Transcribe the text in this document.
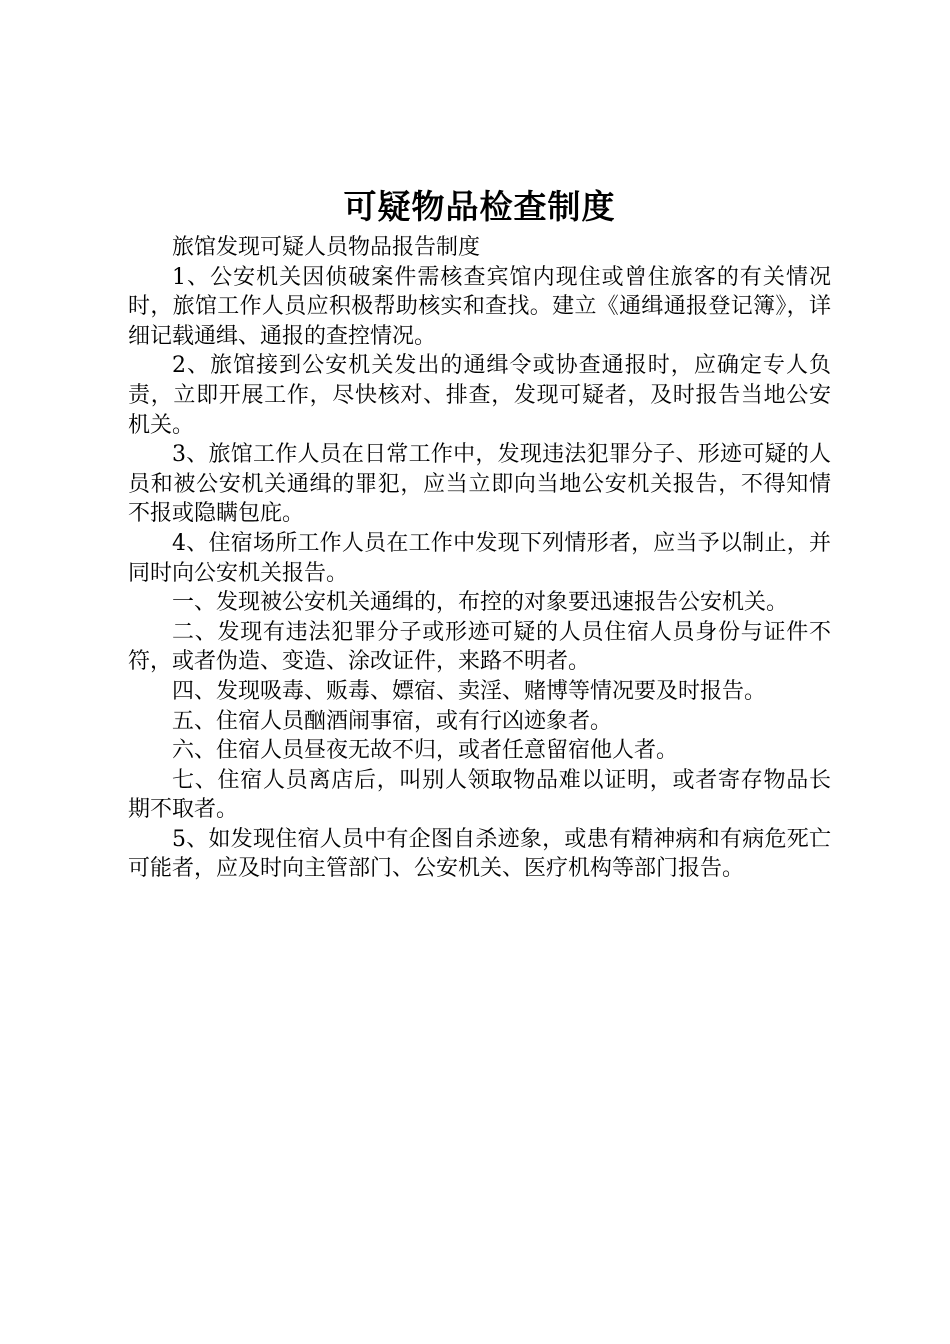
可疑物品检查制度

旅馆发现可疑人员物品报告制度

1、公安机关因侦破案件需核查宾馆内现住或曾住旅客的有关情况时，旅馆工作人员应积极帮助核实和查找。建立《通缉通报登记簿》，详细记载通缉、通报的查控情况。

2、旅馆接到公安机关发出的通缉令或协查通报时，应确定专人负责，立即开展工作，尽快核对、排查，发现可疑者，及时报告当地公安机关。

3、旅馆工作人员在日常工作中，发现违法犯罪分子、形迹可疑的人员和被公安机关通缉的罪犯，应当立即向当地公安机关报告，不得知情不报或隐瞒包庇。

4、住宿场所工作人员在工作中发现下列情形者，应当予以制止，并同时向公安机关报告。

一、发现被公安机关通缉的，布控的对象要迅速报告公安机关。

二、发现有违法犯罪分子或形迹可疑的人员住宿人员身份与证件不符，或者伪造、变造、涂改证件，来路不明者。

四、发现吸毒、贩毒、嫖宿、卖淫、赌博等情况要及时报告。

五、住宿人员酗酒闹事宿，或有行凶迹象者。

六、住宿人员昼夜无故不归，或者任意留宿他人者。

七、住宿人员离店后，叫别人领取物品难以证明，或者寄存物品长期不取者。

5、如发现住宿人员中有企图自杀迹象，或患有精神病和有病危死亡可能者，应及时向主管部门、公安机关、医疗机构等部门报告。
